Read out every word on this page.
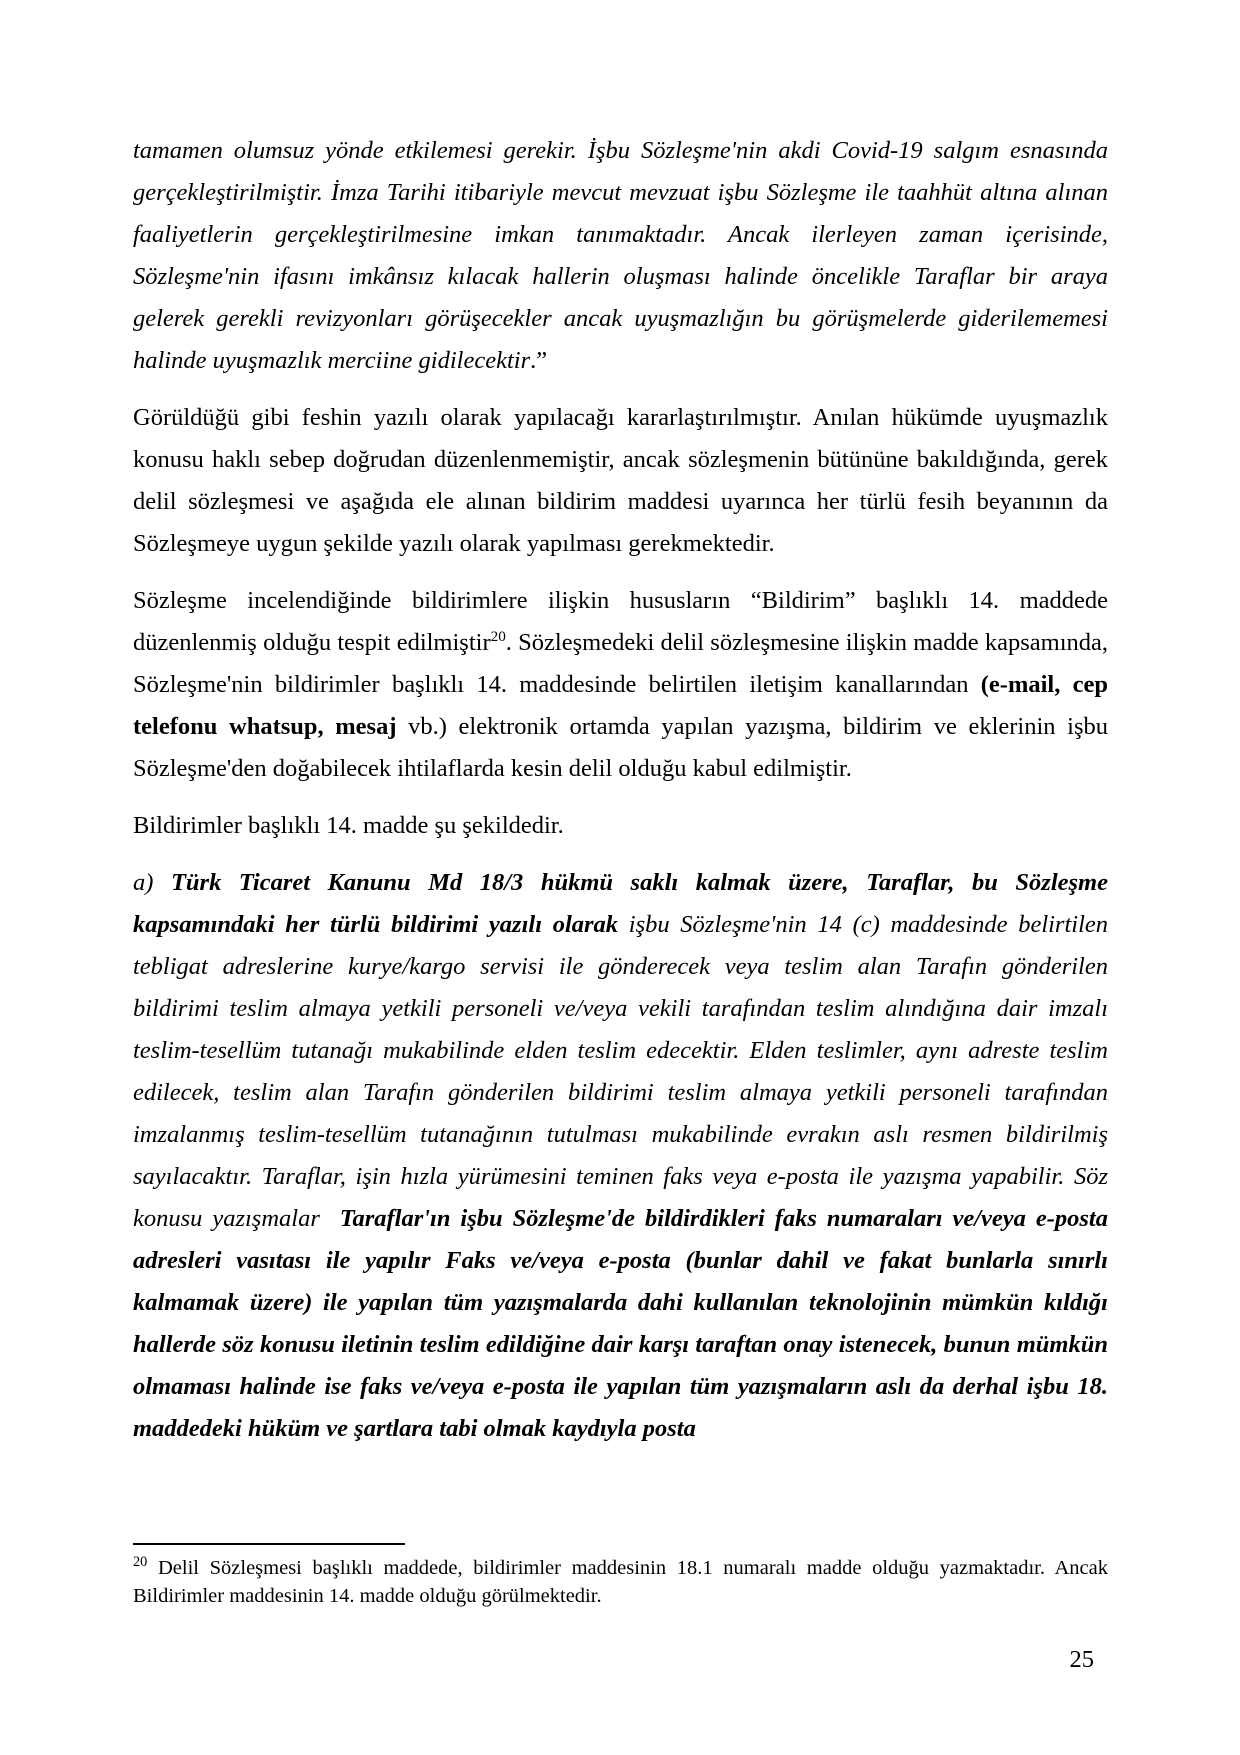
tamamen olumsuz yönde etkilemesi gerekir. İşbu Sözleşme'nin akdi Covid-19 salgım esnasında gerçekleştirilmiştir. İmza Tarihi itibariyle mevcut mevzuat işbu Sözleşme ile taahhüt altına alınan faaliyetlerin gerçekleştirilmesine imkan tanımaktadır. Ancak ilerleyen zaman içerisinde, Sözleşme'nin ifasını imkânsız kılacak hallerin oluşması halinde öncelikle Taraflar bir araya gelerek gerekli revizyonları görüşecekler ancak uyuşmazlığın bu görüşmelerde giderilememesi halinde uyuşmazlık merciine gidilecektir.”

Görüldüğü gibi feshin yazılı olarak yapılacağı kararlaştırılmıştır. Anılan hükümde uyuşmazlık konusu haklı sebep doğrudan düzenlenmemiştir, ancak sözleşmenin bütününe bakıldığında, gerek delil sözleşmesi ve aşağıda ele alınan bildirim maddesi uyarınca her türlü fesih beyanının da Sözleşmeye uygun şekilde yazılı olarak yapılması gerekmektedir.

Sözleşme incelendiğinde bildirimlere ilişkin hususların “Bildirim” başlıklı 14. maddede düzenlenmiş olduğu tespit edilmiştir$^{20}$. Sözleşmedeki delil sözleşmesine ilişkin madde kapsamında, Sözleşme'nin bildirimler başlıklı 14. maddesinde belirtilen iletişim kanallarından (e-mail, cep telefonu whatsup, mesaj vb.) elektronik ortamda yapılan yazışma, bildirim ve eklerinin işbu Sözleşme'den doğabilecek ihtilaflarda kesin delil olduğu kabul edilmiştir.

Bildirimler başlıklı 14. madde şu şekildedir.

a) Türk Ticaret Kanunu Md 18/3 hükmü saklı kalmak üzere, Taraflar, bu Sözleşme kapsamındaki her türlü bildirimi yazılı olarak işbu Sözleşme'nin 14 (c) maddesinde belirtilen tebligat adreslerine kurye/kargo servisi ile gönderecek veya teslim alan Tarafın gönderilen bildirimi teslim almaya yetkili personeli ve/veya vekili tarafından teslim alındığına dair imzalı teslim-tesellüm tutanağı mukabilinde elden teslim edecektir. Elden teslimler, aynı adreste teslim edilecek, teslim alan Tarafın gönderilen bildirimi teslim almaya yetkili personeli tarafından imzalanmış teslim-tesellüm tutanağının tutulması mukabilinde evrakın aslı resmen bildirilmiş sayılacaktır. Taraflar, işin hızla yürümesini teminen faks veya e-posta ile yazışma yapabilir. Söz konusu yazışmalar  Taraflar'ın işbu Sözleşme'de bildirdikleri faks numaraları ve/veya e-posta adresleri vasıtası ile yapılır Faks ve/veya e-posta (bunlar dahil ve fakat bunlarla sınırlı kalmamak üzere) ile yapılan tüm yazışmalarda dahi kullanılan teknolojinin mümkün kıldığı hallerde söz konusu iletinin teslim edildiğine dair karşı taraftan onay istenecek, bunun mümkün olmaması halinde ise faks ve/veya e-posta ile yapılan tüm yazışmaların aslı da derhal işbu 18. maddedeki hüküm ve şartlara tabi olmak kaydıyla posta

$^{20}$ Delil Sözleşmesi başlıklı maddede, bildirimler maddesinin 18.1 numaralı madde olduğu yazmaktadır. Ancak Bildirimler maddesinin 14. madde olduğu görülmektedir.

25
